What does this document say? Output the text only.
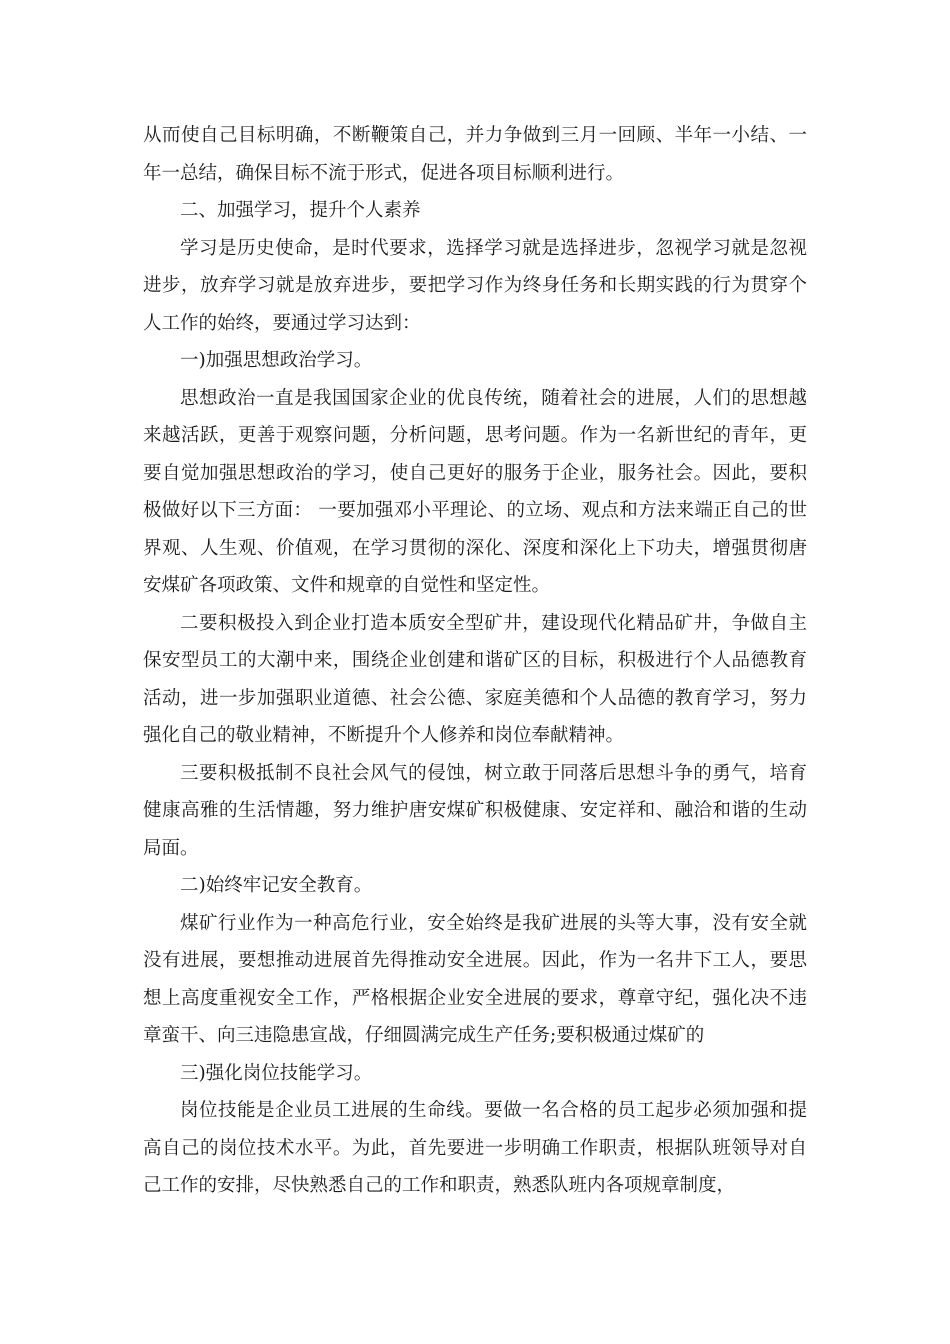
从而使自己目标明确，不断鞭策自己，并力争做到三月一回顾、半年一小结、一年一总结，确保目标不流于形式，促进各项目标顺利进行。

二、加强学习，提升个人素养

学习是历史使命，是时代要求，选择学习就是选择进步，忽视学习就是忽视进步，放弃学习就是放弃进步，要把学习作为终身任务和长期实践的行为贯穿个人工作的始终，要通过学习达到：

一)加强思想政治学习。

思想政治一直是我国国家企业的优良传统，随着社会的进展，人们的思想越来越活跃，更善于观察问题，分析问题，思考问题。作为一名新世纪的青年，更要自觉加强思想政治的学习，使自己更好的服务于企业，服务社会。因此，要积极做好以下三方面： 一要加强邓小平理论、的立场、观点和方法来端正自己的世界观、人生观、价值观，在学习贯彻的深化、深度和深化上下功夫，增强贯彻唐安煤矿各项政策、文件和规章的自觉性和坚定性。

二要积极投入到企业打造本质安全型矿井，建设现代化精品矿井，争做自主保安型员工的大潮中来，围绕企业创建和谐矿区的目标，积极进行个人品德教育活动，进一步加强职业道德、社会公德、家庭美德和个人品德的教育学习，努力强化自己的敬业精神，不断提升个人修养和岗位奉献精神。

三要积极抵制不良社会风气的侵蚀，树立敢于同落后思想斗争的勇气，培育健康高雅的生活情趣，努力维护唐安煤矿积极健康、安定祥和、融洽和谐的生动局面。

二)始终牢记安全教育。

煤矿行业作为一种高危行业，安全始终是我矿进展的头等大事，没有安全就没有进展，要想推动进展首先得推动安全进展。因此，作为一名井下工人，要思想上高度重视安全工作，严格根据企业安全进展的要求，尊章守纪，强化决不违章蛮干、向三违隐患宣战，仔细圆满完成生产任务;要积极通过煤矿的

三)强化岗位技能学习。

岗位技能是企业员工进展的生命线。要做一名合格的员工起步必须加强和提高自己的岗位技术水平。为此，首先要进一步明确工作职责，根据队班领导对自己工作的安排，尽快熟悉自己的工作和职责，熟悉队班内各项规章制度，
